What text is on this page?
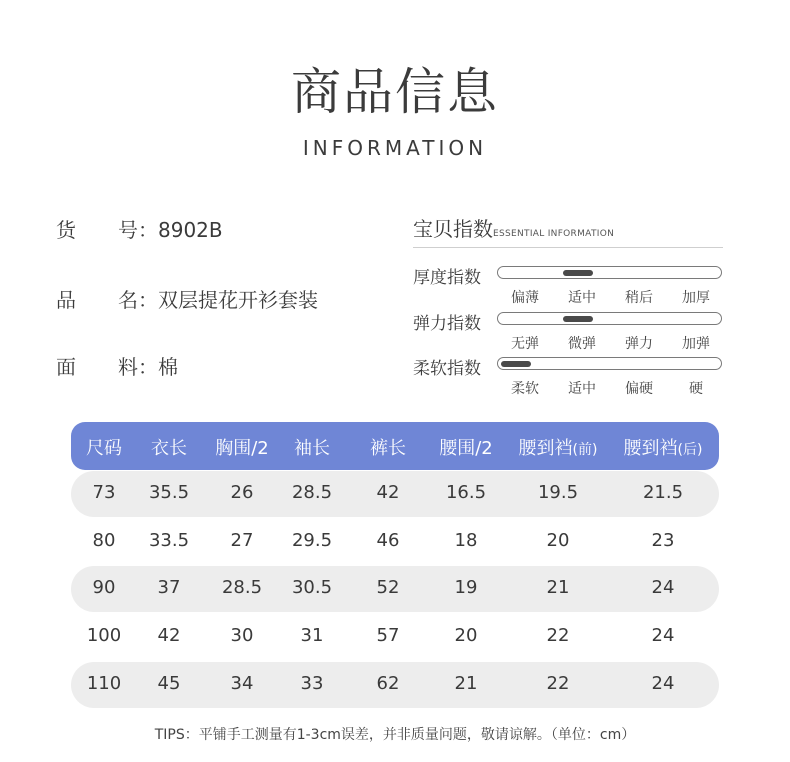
商品信息
INFORMATION
货 号：8902B
品 名：双层提花开衫套装
面 料：棉
宝贝指数ESSENTIAL INFORMATION
厚度指数
偏薄	适中	稍后	加厚
弹力指数
无弹	微弹	弹力	加弹
柔软指数
柔软	适中	偏硬	硬
尺码 衣长 胸围/2 袖长 裤长 腰围/2 腰到裆(前) 腰到裆(后)
73 35.5 26 28.5 42	16.5	19.5	21.5
80 33.5 27 29.5 46	18	20	23
90 37 28.5 30.5 52	19	21	24
100 42	30	31	57	20	22	24
110 45	34	33	62	21	22	24
TIPS：平铺手工测量有1-3cm误差，并非质量问题，敬请谅解。（单位：cm）
